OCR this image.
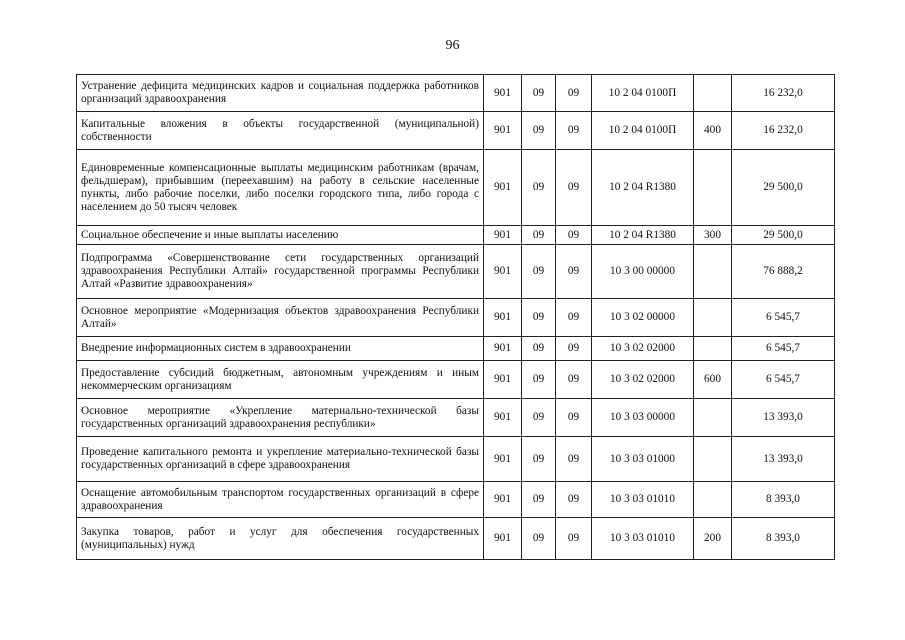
96
Устранение дефицита медицинских кадров и социальная поддержка работников организаций здравоохранения	901	09	09	10 2 04 0100П		16 232,0
Капитальные вложения в объекты государственной (муниципальной) собственности	901	09	09	10 2 04 0100П	400	16 232,0
Единовременные компенсационные выплаты медицинским работникам (врачам, фельдшерам), прибывшим (переехавшим) на работу в сельские населенные пункты, либо рабочие поселки, либо поселки городского типа, либо города с населением до 50 тысяч человек	901	09	09	10 2 04 R1380		29 500,0
Социальное обеспечение и иные выплаты населению	901	09	09	10 2 04 R1380	300	29 500,0
Подпрограмма «Совершенствование сети государственных организаций здравоохранения Республики Алтай» государственной программы Республики Алтай «Развитие здравоохранения»	901	09	09	10 3 00 00000		76 888,2
Основное мероприятие «Модернизация объектов здравоохранения Республики Алтай»	901	09	09	10 3 02 00000		6 545,7
Внедрение информационных систем в здравоохранении	901	09	09	10 3 02 02000		6 545,7
Предоставление субсидий бюджетным, автономным учреждениям и иным некоммерческим организациям	901	09	09	10 3 02 02000	600	6 545,7
Основное мероприятие «Укрепление материально-технической базы государственных организаций здравоохранения республики»	901	09	09	10 3 03 00000		13 393,0
Проведение капитального ремонта и укрепление материально-технической базы государственных организаций в сфере здравоохранения	901	09	09	10 3 03 01000		13 393,0
Оснащение автомобильным транспортом государственных организаций в сфере здравоохранения	901	09	09	10 3 03 01010		8 393,0
Закупка товаров, работ и услуг для обеспечения государственных (муниципальных) нужд	901	09	09	10 3 03 01010	200	8 393,0
